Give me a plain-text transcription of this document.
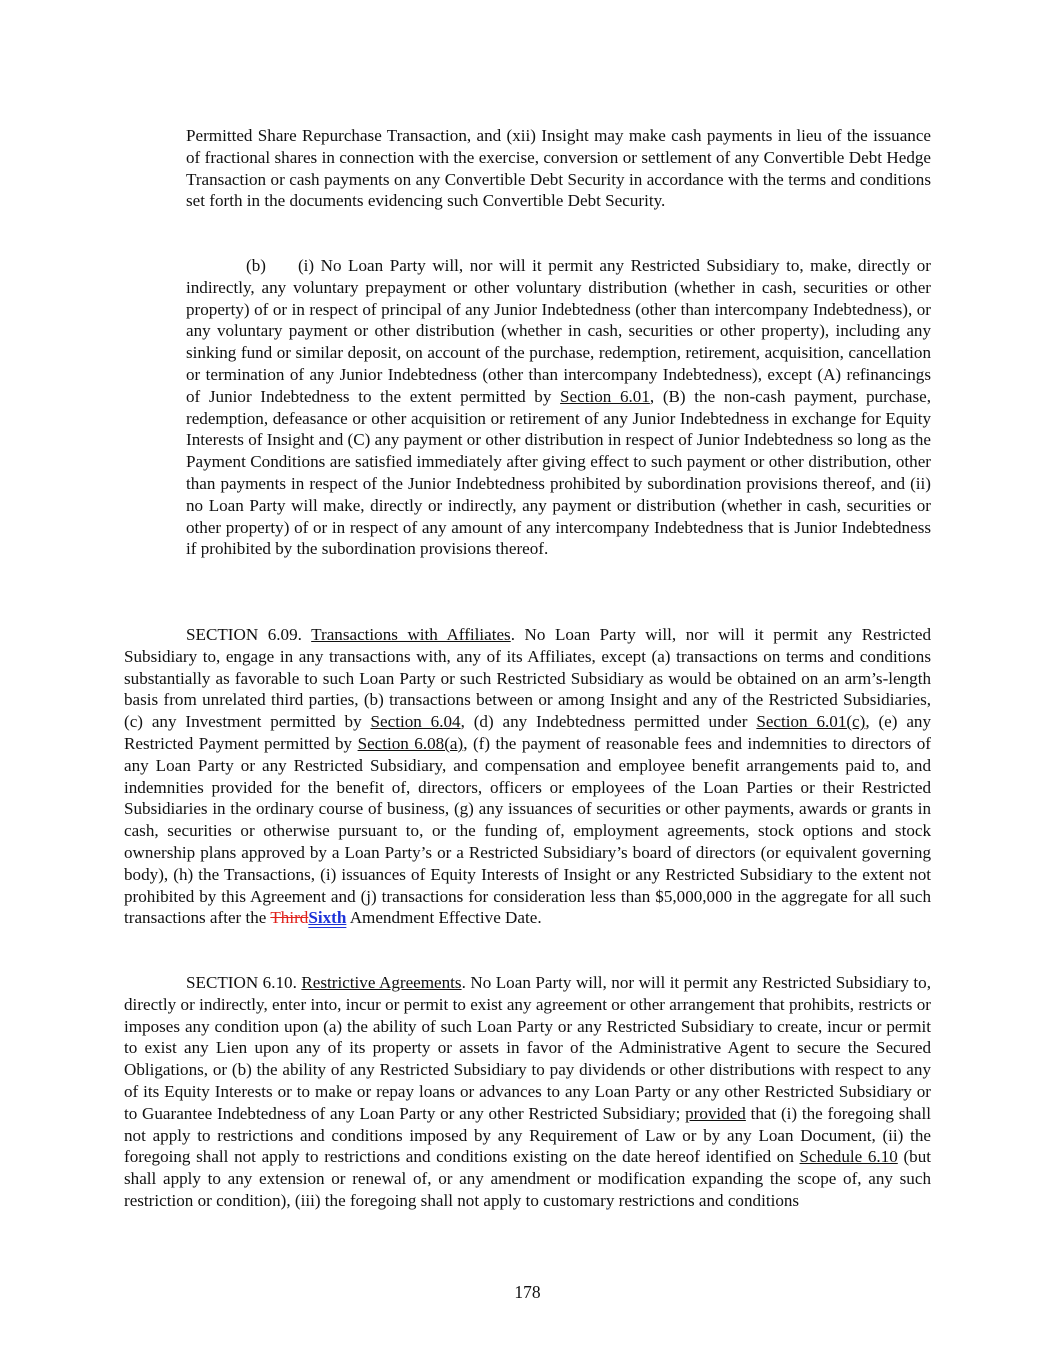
Permitted Share Repurchase Transaction, and (xii) Insight may make cash payments in lieu of the issuance of fractional shares in connection with the exercise, conversion or settlement of any Convertible Debt Hedge Transaction or cash payments on any Convertible Debt Security in accordance with the terms and conditions set forth in the documents evidencing such Convertible Debt Security.

(b) (i) No Loan Party will, nor will it permit any Restricted Subsidiary to, make, directly or indirectly, any voluntary prepayment or other voluntary distribution (whether in cash, securities or other property) of or in respect of principal of any Junior Indebtedness (other than intercompany Indebtedness), or any voluntary payment or other distribution (whether in cash, securities or other property), including any sinking fund or similar deposit, on account of the purchase, redemption, retirement, acquisition, cancellation or termination of any Junior Indebtedness (other than intercompany Indebtedness), except (A) refinancings of Junior Indebtedness to the extent permitted by Section 6.01, (B) the non-cash payment, purchase, redemption, defeasance or other acquisition or retirement of any Junior Indebtedness in exchange for Equity Interests of Insight and (C) any payment or other distribution in respect of Junior Indebtedness so long as the Payment Conditions are satisfied immediately after giving effect to such payment or other distribution, other than payments in respect of the Junior Indebtedness prohibited by subordination provisions thereof, and (ii) no Loan Party will make, directly or indirectly, any payment or distribution (whether in cash, securities or other property) of or in respect of any amount of any intercompany Indebtedness that is Junior Indebtedness if prohibited by the subordination provisions thereof.

SECTION 6.09. Transactions with Affiliates. No Loan Party will, nor will it permit any Restricted Subsidiary to, engage in any transactions with, any of its Affiliates, except (a) transactions on terms and conditions substantially as favorable to such Loan Party or such Restricted Subsidiary as would be obtained on an arm’s-length basis from unrelated third parties, (b) transactions between or among Insight and any of the Restricted Subsidiaries, (c) any Investment permitted by Section 6.04, (d) any Indebtedness permitted under Section 6.01(c), (e) any Restricted Payment permitted by Section 6.08(a), (f) the payment of reasonable fees and indemnities to directors of any Loan Party or any Restricted Subsidiary, and compensation and employee benefit arrangements paid to, and indemnities provided for the benefit of, directors, officers or employees of the Loan Parties or their Restricted Subsidiaries in the ordinary course of business, (g) any issuances of securities or other payments, awards or grants in cash, securities or otherwise pursuant to, or the funding of, employment agreements, stock options and stock ownership plans approved by a Loan Party’s or a Restricted Subsidiary’s board of directors (or equivalent governing body), (h) the Transactions, (i) issuances of Equity Interests of Insight or any Restricted Subsidiary to the extent not prohibited by this Agreement and (j) transactions for consideration less than $5,000,000 in the aggregate for all such transactions after the ThirdSixth Amendment Effective Date.

SECTION 6.10. Restrictive Agreements. No Loan Party will, nor will it permit any Restricted Subsidiary to, directly or indirectly, enter into, incur or permit to exist any agreement or other arrangement that prohibits, restricts or imposes any condition upon (a) the ability of such Loan Party or any Restricted Subsidiary to create, incur or permit to exist any Lien upon any of its property or assets in favor of the Administrative Agent to secure the Secured Obligations, or (b) the ability of any Restricted Subsidiary to pay dividends or other distributions with respect to any of its Equity Interests or to make or repay loans or advances to any Loan Party or any other Restricted Subsidiary or to Guarantee Indebtedness of any Loan Party or any other Restricted Subsidiary; provided that (i) the foregoing shall not apply to restrictions and conditions imposed by any Requirement of Law or by any Loan Document, (ii) the foregoing shall not apply to restrictions and conditions existing on the date hereof identified on Schedule 6.10 (but shall apply to any extension or renewal of, or any amendment or modification expanding the scope of, any such restriction or condition), (iii) the foregoing shall not apply to customary restrictions and conditions

178
